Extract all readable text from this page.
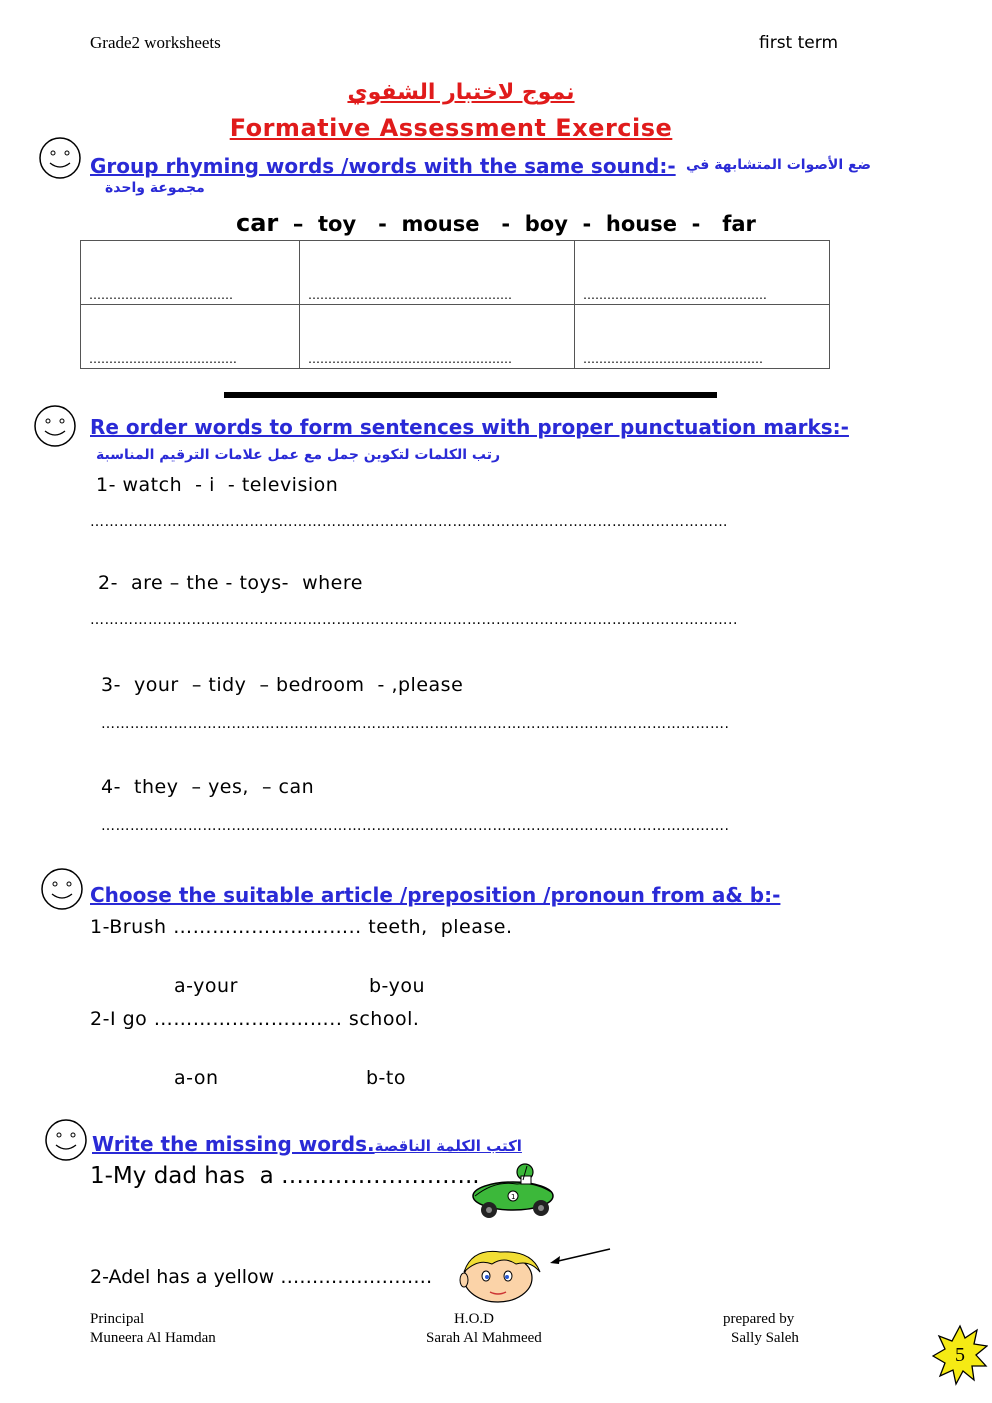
Grade2 worksheets	first term
نموج لاختبار الشفوي
Formative Assessment Exercise
Group rhyming words /words with the same sound:- ضع الأصوات المتشابهة في
مجموعة واحدة
car  –  toy   -  mouse   -  boy  -  house  -   far
………………………………	……………………………………………	……………………………………….
……………………………….	……………………………………………	………………………………………
Re order words to form sentences with proper punctuation marks:-
رتب الكلمات لتكوين جمل مع عمل علامات الترقيم المناسبة
1- watch  - i  - television
……………………………………………………………………………………………………………………
2-  are – the - toys-  where
……………………………………………………………………………………………………………………..
3-  your  – tidy  – bedroom  - ,please
………………………………………………………………………………………………………………….
4-  they  – yes,  – can
………………………………………………………………………………………………………………….
Choose the suitable article /preposition /pronoun from a& b:-
1-Brush ……………………….. teeth,  please.
a-your	b-you
2-I go ……………………….. school.
a-on	b-to
Write the missing words.اكتب الكلمة الناقصة
1-My dad has  a ……………………..
1
2-Adel has a yellow ……………………
Principal
Muneera Al Hamdan
H.O.D
Sarah Al Mahmeed
prepared by
Sally Saleh
5
